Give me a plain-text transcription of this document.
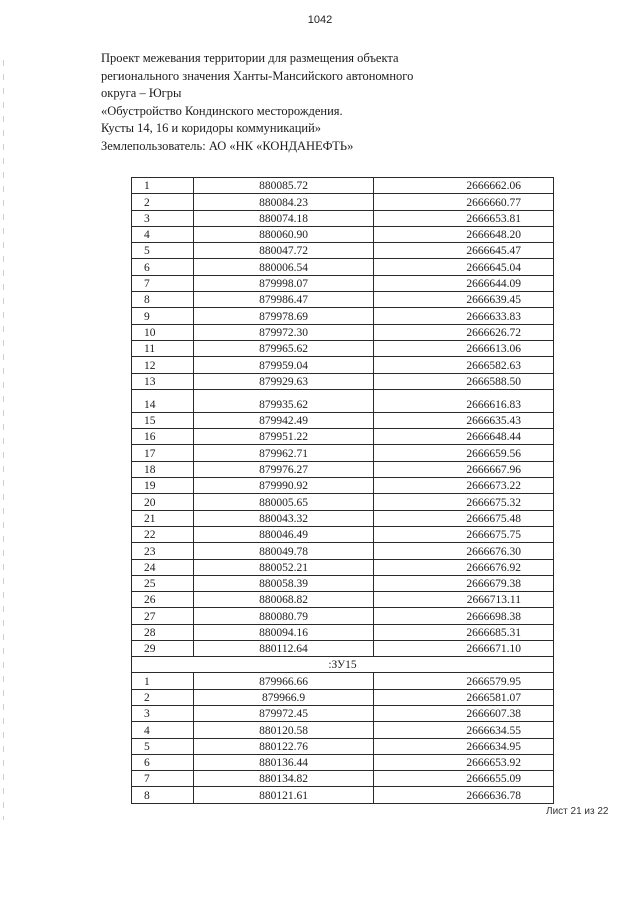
1042
Проект межевания территории для размещения объекта
регионального значения Ханты-Мансийского автономного
округа – Югры
«Обустройство Кондинского месторождения.
Кусты 14, 16 и коридоры коммуникаций»
Землепользователь: АО «НК «КОНДАНЕФТЬ»
1	880085.72	2666662.06
2	880084.23	2666660.77
3	880074.18	2666653.81
4	880060.90	2666648.20
5	880047.72	2666645.47
6	880006.54	2666645.04
7	879998.07	2666644.09
8	879986.47	2666639.45
9	879978.69	2666633.83
10	879972.30	2666626.72
11	879965.62	2666613.06
12	879959.04	2666582.63
13	879929.63	2666588.50
14	879935.62	2666616.83
15	879942.49	2666635.43
16	879951.22	2666648.44
17	879962.71	2666659.56
18	879976.27	2666667.96
19	879990.92	2666673.22
20	880005.65	2666675.32
21	880043.32	2666675.48
22	880046.49	2666675.75
23	880049.78	2666676.30
24	880052.21	2666676.92
25	880058.39	2666679.38
26	880068.82	2666713.11
27	880080.79	2666698.38
28	880094.16	2666685.31
29	880112.64	2666671.10
:ЗУ15		
1	879966.66	2666579.95
2	879966.9	2666581.07
3	879972.45	2666607.38
4	880120.58	2666634.55
5	880122.76	2666634.95
6	880136.44	2666653.92
7	880134.82	2666655.09
8	880121.61	2666636.78
Лист 21 из 22
